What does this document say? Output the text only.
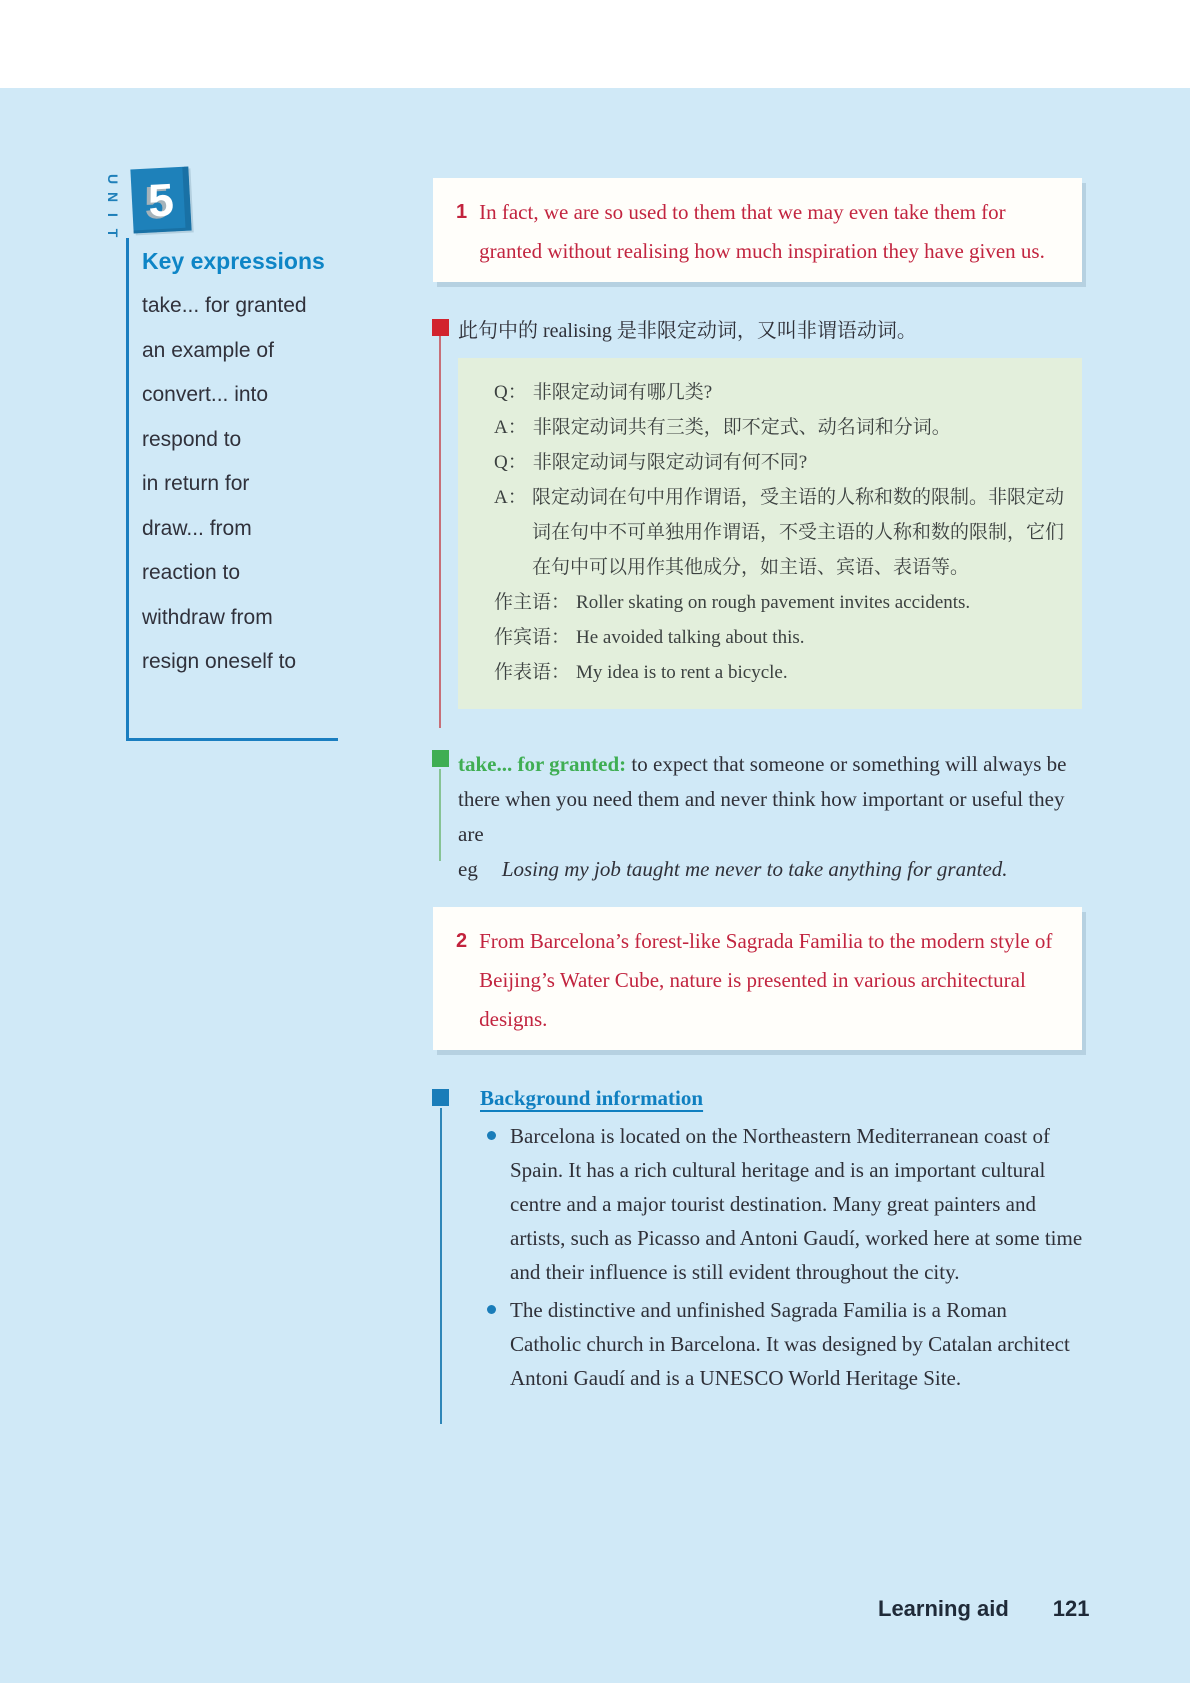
U
N
I
T
5
Key expressions
take... for granted
an example of
convert... into
respond to
in return for
draw... from
reaction to
withdraw from
resign oneself to
1 In fact, we are so used to them that we may even take them for granted without realising how much inspiration they have given us.

此句中的 realising 是非限定动词，又叫非谓语动词。

Q： 非限定动词有哪几类?
A： 非限定动词共有三类，即不定式、动名词和分词。
Q： 非限定动词与限定动词有何不同?
A： 限定动词在句中用作谓语，受主语的人称和数的限制。非限定动词在句中不可单独用作谓语，不受主语的人称和数的限制，它们在句中可以用作其他成分，如主语、宾语、表语等。
作主语： Roller skating on rough pavement invites accidents.
作宾语： He avoided talking about this.
作表语： My idea is to rent a bicycle.

take... for granted: to expect that someone or something will always be there when you need them and never think how important or useful they are

eg Losing my job taught me never to take anything for granted.
2 From Barcelona’s forest-like Sagrada Familia to the modern style of Beijing’s Water Cube, nature is presented in various architectural designs.

Background information

Barcelona is located on the Northeastern Mediterranean coast of Spain. It has a rich cultural heritage and is an important cultural centre and a major tourist destination. Many great painters and artists, such as Picasso and Antoni Gaudí, worked here at some time and their influence is still evident throughout the city.

The distinctive and unfinished Sagrada Familia is a Roman Catholic church in Barcelona. It was designed by Catalan architect Antoni Gaudí and is a UNESCO World Heritage Site.

Learning aid 121
